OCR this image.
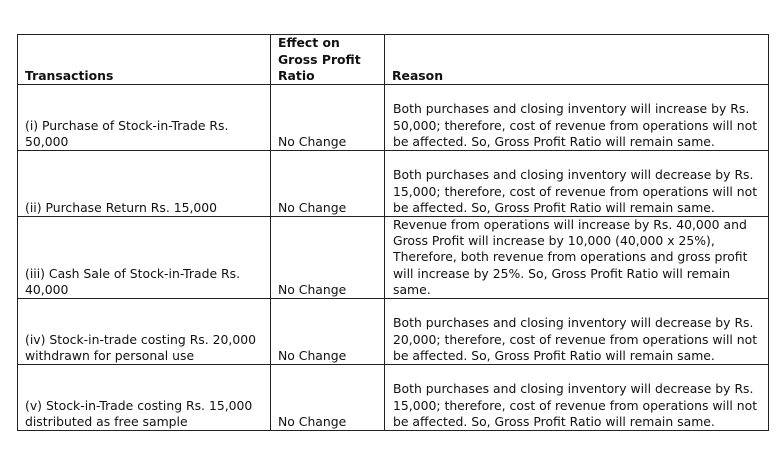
Transactions	Effect on Gross Profit Ratio	Reason
(i) Purchase of Stock-in-Trade Rs. 50,000	No Change	Both purchases and closing inventory will increase by Rs. 50,000; therefore, cost of revenue from operations will not be affected. So, Gross Profit Ratio will remain same.
(ii) Purchase Return Rs. 15,000	No Change	Both purchases and closing inventory will decrease by Rs. 15,000; therefore, cost of revenue from operations will not be affected. So, Gross Profit Ratio will remain same.
(iii) Cash Sale of Stock-in-Trade Rs. 40,000	No Change	Revenue from operations will increase by Rs. 40,000 and Gross Profit will increase by 10,000 (40,000 x 25%), Therefore, both revenue from operations and gross profit will increase by 25%. So, Gross Profit Ratio will remain same.
(iv) Stock-in-trade costing Rs. 20,000 withdrawn for personal use	No Change	Both purchases and closing inventory will decrease by Rs. 20,000; therefore, cost of revenue from operations will not be affected. So, Gross Profit Ratio will remain same.
(v) Stock-in-Trade costing Rs. 15,000 distributed as free sample	No Change	Both purchases and closing inventory will decrease by Rs. 15,000; therefore, cost of revenue from operations will not be affected. So, Gross Profit Ratio will remain same.
